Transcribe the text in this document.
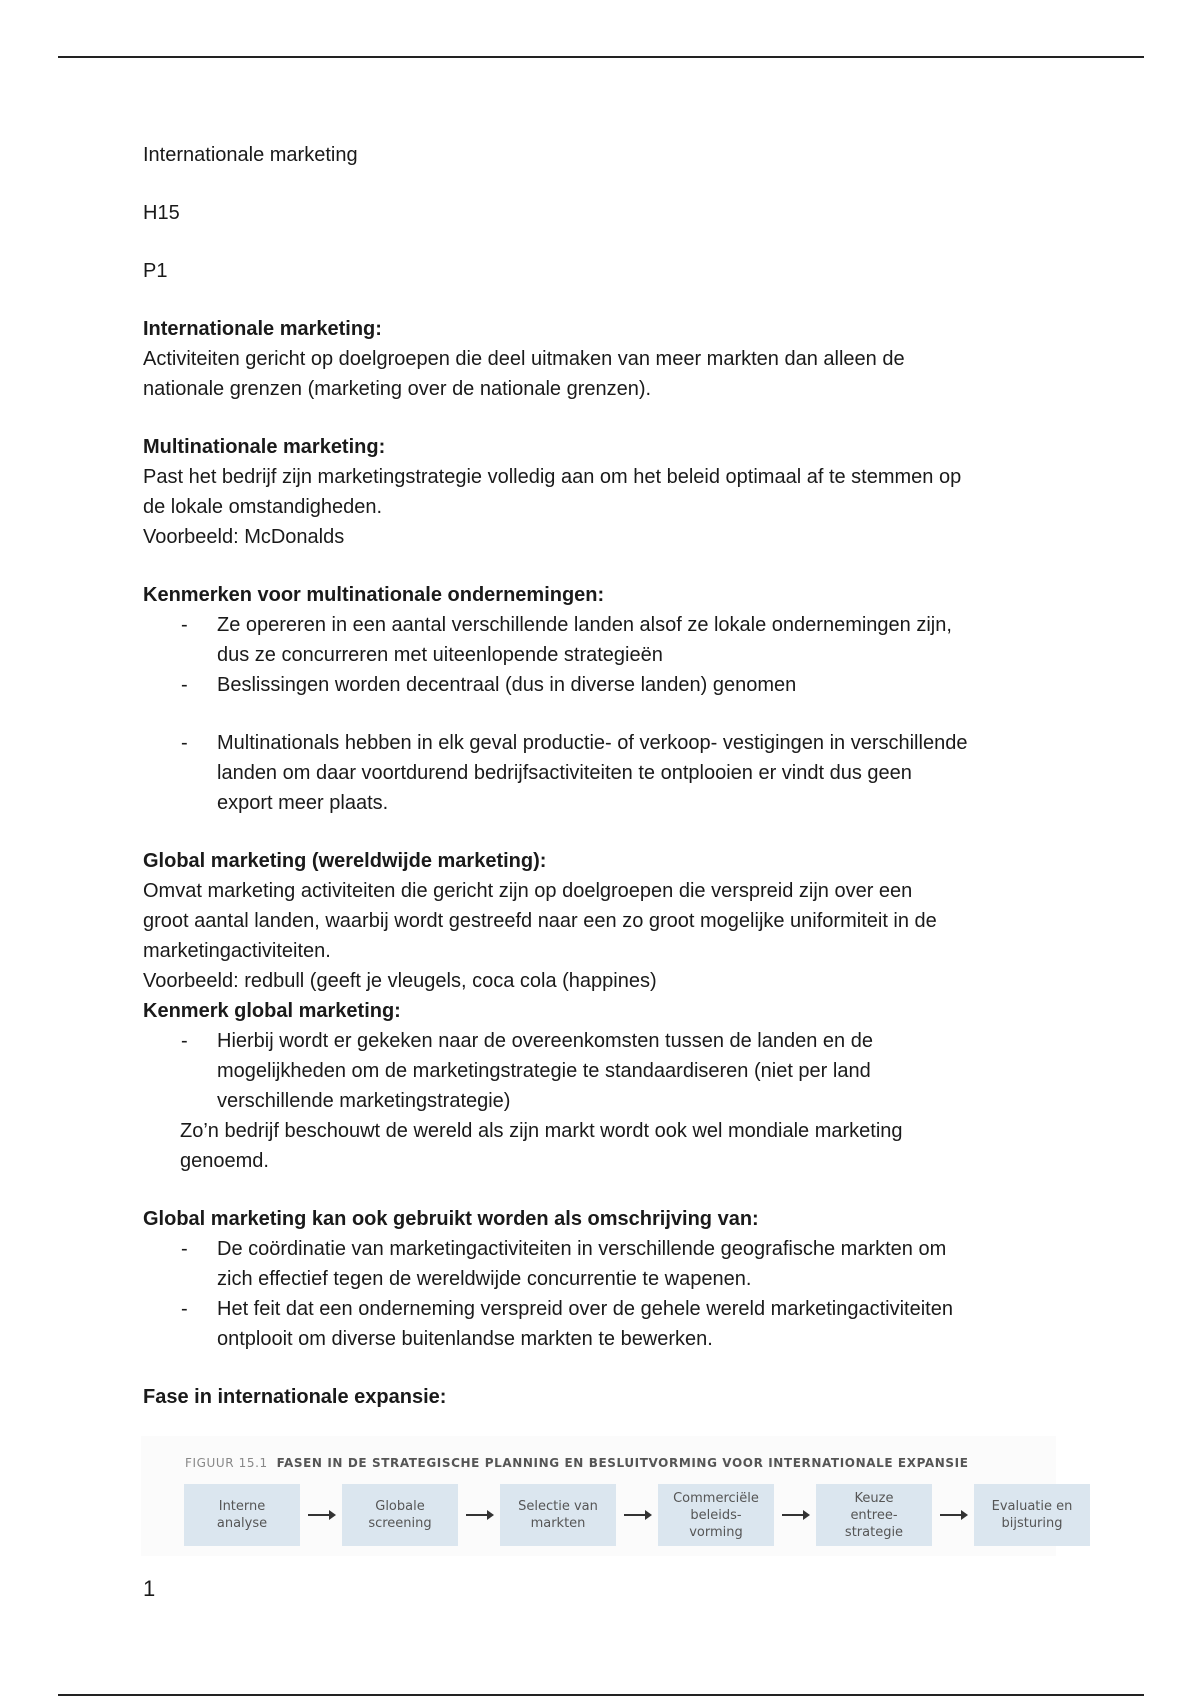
Internationale marketing

H15

P1

Internationale marketing:

Activiteiten gericht op doelgroepen die deel uitmaken van meer markten dan alleen de

nationale grenzen (marketing over de nationale grenzen).

Multinationale marketing:

Past het bedrijf zijn marketingstrategie volledig aan om het beleid optimaal af te stemmen op

de lokale omstandigheden.

Voorbeeld: McDonalds

Kenmerken voor multinationale ondernemingen:

- Ze opereren in een aantal verschillende landen alsof ze lokale ondernemingen zijn,
dus ze concurreren met uiteenlopende strategieën
- Beslissingen worden decentraal (dus in diverse landen) genomen
- Multinationals hebben in elk geval productie- of verkoop- vestigingen in verschillende
landen om daar voortdurend bedrijfsactiviteiten te ontplooien er vindt dus geen
export meer plaats.

Global marketing (wereldwijde marketing):

Omvat marketing activiteiten die gericht zijn op doelgroepen die verspreid zijn over een

groot aantal landen, waarbij wordt gestreefd naar een zo groot mogelijke uniformiteit in de

marketingactiviteiten.

Voorbeeld: redbull (geeft je vleugels, coca cola (happines)

Kenmerk global marketing:

- Hierbij wordt er gekeken naar de overeenkomsten tussen de landen en de
mogelijkheden om de marketingstrategie te standaardiseren (niet per land
verschillende marketingstrategie)

Zo’n bedrijf beschouwt de wereld als zijn markt wordt ook wel mondiale marketing

genoemd.

Global marketing kan ook gebruikt worden als omschrijving van:

- De coördinatie van marketingactiviteiten in verschillende geografische markten om
zich effectief tegen de wereldwijde concurrentie te wapenen.
- Het feit dat een onderneming verspreid over de gehele wereld marketingactiviteiten
ontplooit om diverse buitenlandse markten te bewerken.

Fase in internationale expansie:

FIGUUR 15.1 FASEN IN DE STRATEGISCHE PLANNING EN BESLUITVORMING VOOR INTERNATIONALE EXPANSIE
Interne
analyse
Globale
screening
Selectie van
markten
Commerciële
beleids-
vorming
Keuze
entree-
strategie
Evaluatie en
bijsturing

1
